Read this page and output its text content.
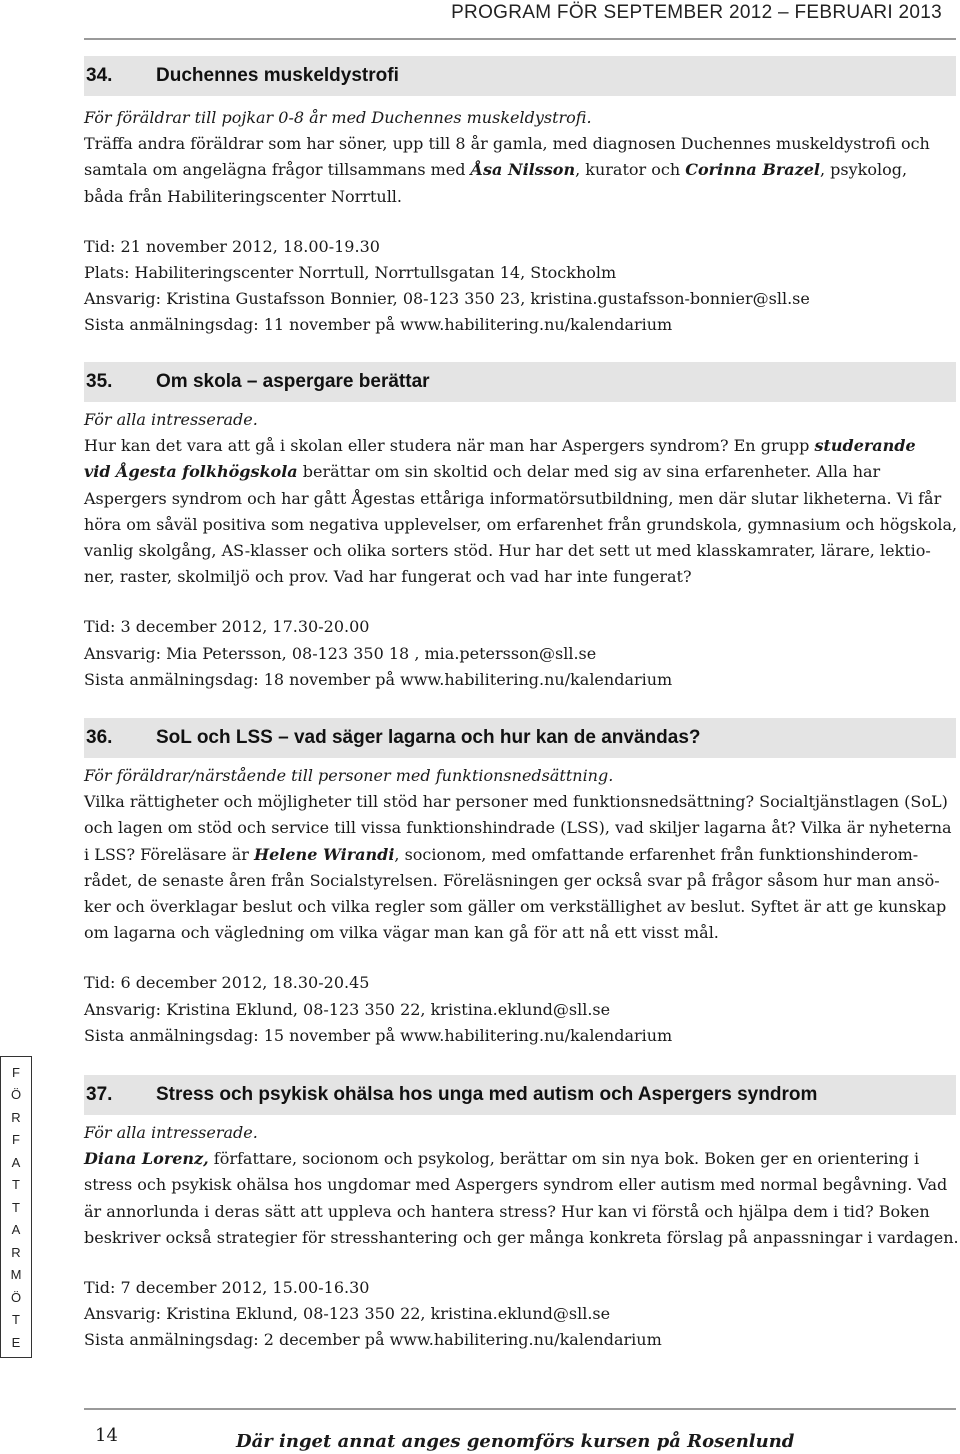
PROGRAM FÖR SEPTEMBER 2012 – FEBRUARI 2013
34.	Duchennes muskeldystrofi
För föräldrar till pojkar 0-8 år med Duchennes muskeldystrofi.
Träffa andra föräldrar som har söner, upp till 8 år gamla, med diagnosen Duchennes muskeldystrofi och
samtala om angelägna frågor tillsammans med Åsa Nilsson, kurator och Corinna Brazel, psykolog,
båda från Habiliteringscenter Norrtull.
Tid: 21 november 2012, 18.00-19.30
Plats: Habiliteringscenter Norrtull, Norrtullsgatan 14, Stockholm
Ansvarig: Kristina Gustafsson Bonnier, 08-123 350 23, kristina.gustafsson-bonnier@sll.se
Sista anmälningsdag: 11 november på www.habilitering.nu/kalendarium
35.	Om skola – aspergare berättar
För alla intresserade.
Hur kan det vara att gå i skolan eller studera när man har Aspergers syndrom? En grupp studerande
vid Ågesta folkhögskola berättar om sin skoltid och delar med sig av sina erfarenheter. Alla har
Aspergers syndrom och har gått Ågestas ettåriga informatörsutbildning, men där slutar likheterna. Vi får
höra om såväl positiva som negativa upplevelser, om erfarenhet från grundskola, gymnasium och högskola,
vanlig skolgång, AS-klasser och olika sorters stöd. Hur har det sett ut med klasskamrater, lärare, lektio-
ner, raster, skolmiljö och prov. Vad har fungerat och vad har inte fungerat?
Tid: 3 december 2012, 17.30-20.00
Ansvarig: Mia Petersson, 08-123 350 18 , mia.petersson@sll.se
Sista anmälningsdag: 18 november på www.habilitering.nu/kalendarium
36.	SoL och LSS – vad säger lagarna och hur kan de användas?
För föräldrar/närstående till personer med funktionsnedsättning.
Vilka rättigheter och möjligheter till stöd har personer med funktionsnedsättning? Socialtjänstlagen (SoL)
och lagen om stöd och service till vissa funktionshindrade (LSS), vad skiljer lagarna åt? Vilka är nyheterna
i LSS? Föreläsare är Helene Wirandi, socionom, med omfattande erfarenhet från funktionshinderom-
rådet, de senaste åren från Socialstyrelsen. Föreläsningen ger också svar på frågor såsom hur man ansö-
ker och överklagar beslut och vilka regler som gäller om verkställighet av beslut. Syftet är att ge kunskap
om lagarna och vägledning om vilka vägar man kan gå för att nå ett visst mål.
Tid: 6 december 2012, 18.30-20.45
Ansvarig: Kristina Eklund, 08-123 350 22, kristina.eklund@sll.se
Sista anmälningsdag: 15 november på www.habilitering.nu/kalendarium
37.	Stress och psykisk ohälsa hos unga med autism och Aspergers syndrom
För alla intresserade.
Diana Lorenz, författare, socionom och psykolog, berättar om sin nya bok. Boken ger en orientering i
stress och psykisk ohälsa hos ungdomar med Aspergers syndrom eller autism med normal begåvning. Vad
är annorlunda i deras sätt att uppleva och hantera stress? Hur kan vi förstå och hjälpa dem i tid? Boken
beskriver också strategier för stresshantering och ger många konkreta förslag på anpassningar i vardagen.
Tid: 7 december 2012, 15.00-16.30
Ansvarig: Kristina Eklund, 08-123 350 22, kristina.eklund@sll.se
Sista anmälningsdag: 2 december på www.habilitering.nu/kalendarium
F
Ö
R
F
A
T
T
A
R
M
Ö
T
E
14	Där inget annat anges genomförs kursen på Rosenlund
